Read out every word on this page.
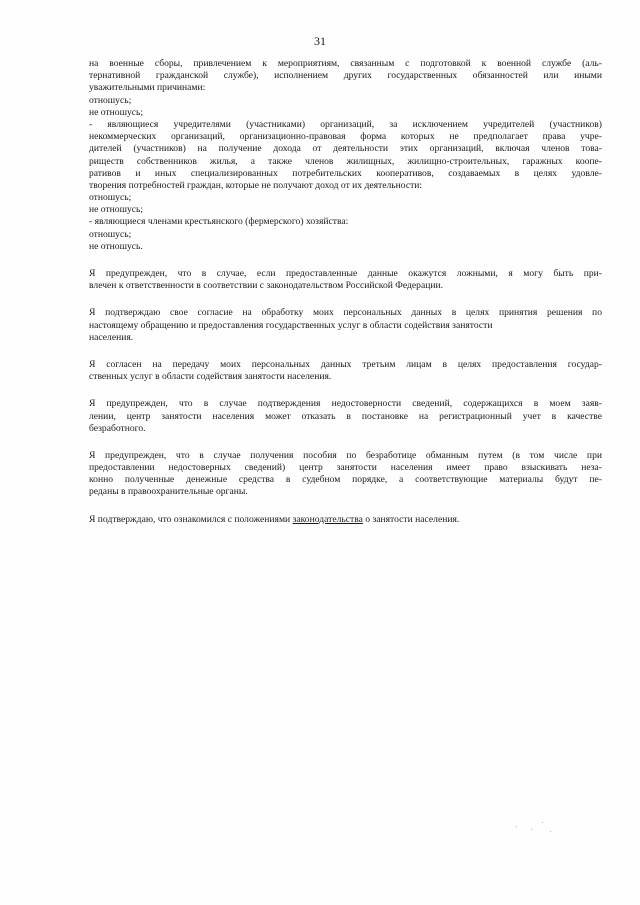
31
на военные сборы, привлечением к мероприятиям, связанным с подготовкой к военной службе (аль-
тернативной гражданской службе), исполнением других государственных обязанностей или иными
уважительными причинами:
отношусь;
не отношусь;
- являющиеся учредителями (участниками) организаций, за исключением учредителей (участников)
некоммерческих организаций, организационно-правовая форма которых не предполагает права учре-
дителей (участников) на получение дохода от деятельности этих организаций, включая членов това-
риществ собственников жилья, а также членов жилищных, жилищно-строительных, гаражных коопе-
ративов и иных специализированных потребительских кооперативов, создаваемых в целях удовле-
творения потребностей граждан, которые не получают доход от их деятельности:
отношусь;
не отношусь;
- являющиеся членами крестьянского (фермерского) хозяйства:
отношусь;
не отношусь.
Я предупрежден, что в случае, если предоставленные данные окажутся ложными, я могу быть при-
влечен к ответственности в соответствии с законодательством Российской Федерации.
Я подтверждаю свое согласие на обработку моих персональных данных в целях принятия решения по
настоящему обращению и предоставления государственных услуг в области содействия занятости
населения.
Я согласен на передачу моих персональных данных третьим лицам в целях предоставления государ-
ственных услуг в области содействия занятости населения.
Я предупрежден, что в случае подтверждения недостоверности сведений, содержащихся в моем заяв-
лении, центр занятости населения может отказать в постановке на регистрационный учет в качестве
безработного.
Я предупрежден, что в случае получения пособия по безработице обманным путем (в том числе при
предоставлении недостоверных сведений) центр занятости населения имеет право взыскивать неза-
конно полученные денежные средства в судебном порядке, а соответствующие материалы будут пе-
реданы в правоохранительные органы.
Я подтверждаю, что ознакомился с положениями законодательства о занятости населения.
